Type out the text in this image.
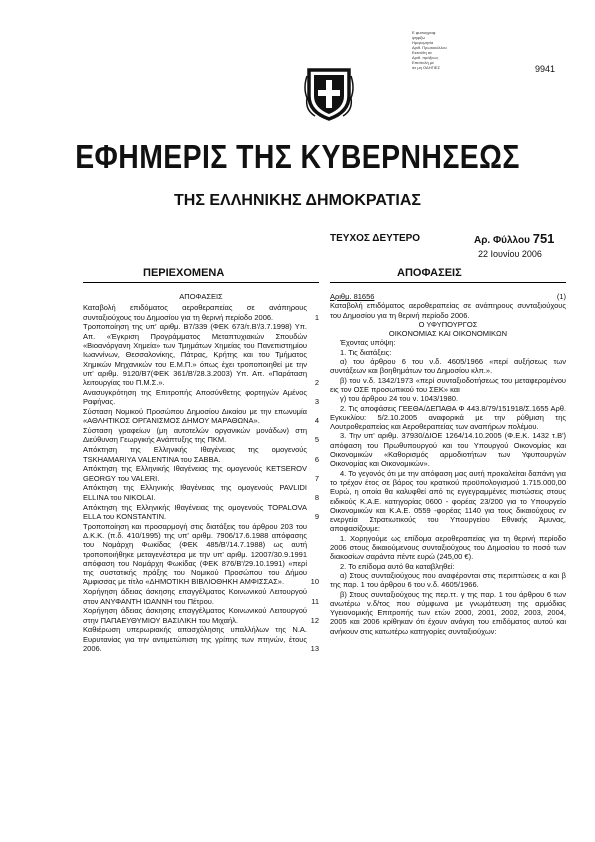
Ε φυσιογραφ
ψηφίζω
Ημερομηνία
Αριθ. Πρωτοκόλλου
Εκτεύθη σε
Αριθ. πράξεως
Επιστολή μέ
σε μη ΟΔΗΓΙΕΣ	9941
ΕΦΗΜΕΡΙΣ ΤΗΣ ΚΥΒΕΡΝΗΣΕΩΣ
ΤΗΣ ΕΛΛΗΝΙΚΗΣ ΔΗΜΟΚΡΑΤΙΑΣ
ΤΕΥΧΟΣ ΔΕΥΤΕΡΟ	Αρ. Φύλλου 751
22 Ιουνίου 2006
ΠΕΡΙΕΧΟΜΕΝΑ	ΑΠΟΦΑΣΕΙΣ
ΑΠΟΦΑΣΕΙΣ
Καταβολή επιδόματος αεροθεραπείας σε ανάπηρους συνταξιούχους του Δημοσίου για τη θερινή περίοδο 2006.	1
Τροποποίηση της υπ' αριθμ. Β7/339 (ΦΕΚ 673/τ.Β'/3.7.1998) Υπ. Απ. «Έγκριση Προγράμματος Μεταπτυχιακών Σπουδών «Βιοανόργανη Χημεία» των Τμημάτων Χημείας του Πανεπιστημίου Ιωαννίνων, Θεσσαλονίκης, Πάτρας, Κρήτης και του Τμήματος Χημικών Μηχανικών του Ε.Μ.Π.» όπως έχει τροποποιηθεί με την υπ' αριθμ. 9120/Β7(ΦΕΚ 361/Β'/28.3.2003) Υπ. Απ. «Παράταση λειτουργίας του Π.Μ.Σ.».	2
Ανασυγκρότηση της Επιτροπής Αποσύνθετης φορτηγών Αμένος Ραφήνας.	3
Σύσταση Νομικού Προσώπου Δημοσίου Δικαίου με την επωνυμία «ΑΘΛΗΤΙΚΟΣ ΟΡΓΑΝΙΣΜΟΣ ΔΗΜΟΥ ΜΑΡΑΘΩΝΑ».	4
Σύσταση γραφείων (μη αυτοτελών οργανικών μονάδων) στη Διεύθυνση Γεωργικής Ανάπτυξης της ΠΚΜ.	5
Απόκτηση της Ελληνικής Ιθαγένειας της ομογενούς TSKHAMARIYA VALENTINA του ΣΑΒΒΑ.	6
Απόκτηση της Ελληνικής Ιθαγένειας της ομογενούς KETSEROV GEORGY του VALERI.	7
Απόκτηση της Ελληνικής Ιθαγένειας της ομογενούς PAVLIDI ELLINA του NIKOLAI.	8
Απόκτηση της Ελληνικής Ιθαγένειας της ομογενούς TOPALOVA ELLA του KONSTANTIN.	9
Τροποποίηση και προσαρμογή στις διατάξεις του άρθρου 203 του Δ.Κ.Κ. (π.δ. 410/1995) της υπ' αριθμ. 7906/17.6.1988 απόφασης του Νομάρχη Φωκίδας (ΦΕΚ 485/Β'/14.7.1988) ως αυτή τροποποιήθηκε μεταγενέστερα με την υπ' αριθμ. 12007/30.9.1991 απόφαση του Νομάρχη Φωκίδας (ΦΕΚ 876/Β'/29.10.1991) «περί της συστατικής πράξης του Νομικού Προσώπου του Δήμου Άμφισσας με τίτλο «ΔΗΜΟΤΙΚΗ ΒΙΒΛΙΟΘΗΚΗ ΑΜΦΙΣΣΑΣ».	10
Χορήγηση άδειας άσκησης επαγγέλματος Κοινωνικού Λειτουργού στον ΑΝΥΦΑΝΤΗ ΙΩΑΝΝΗ του Πέτρου.	11
Χορήγηση άδειας άσκησης επαγγέλματος Κοινωνικού Λειτουργού στην ΠΑΠΑΕΥΘΥΜΙΟΥ ΒΑΣΙΛΙΚΗ του Μιχαήλ.	12
Καθιέρωση υπερωριακής απασχόλησης υπαλλήλων της Ν.Α. Ευρυτανίας για την αντιμετώπιση της γρίπης των πτηνών, έτους 2006.	13
Αριθμ. 81656	(1)

Καταβολή επιδόματος αεροθεραπείας σε ανάπηρους συνταξιούχους του Δημοσίου για τη θερινή περίοδο 2006.

Ο ΥΦΥΠΟΥΡΓΟΣ

ΟΙΚΟΝΟΜΙΑΣ ΚΑΙ ΟΙΚΟΝΟΜΙΚΩΝ

Έχοντας υπόψη:

1. Τις διατάξεις:

α) του άρθρου 6 του ν.δ. 4605/1966 «περί αυξήσεως των συντάξεων και βοηθημάτων του Δημοσίου κλπ.».

β) του ν.δ. 1342/1973 «περί συνταξιοδοτήσεως του μεταφερομένου εις τον ΟΣΕ προσωπικού του ΣΕΚ» και

γ) του άρθρου 24 του ν. 1043/1980.

2. Τις αποφάσεις ΓΕΕΘΑ/ΔΕΠΑΘΑ Φ 443.8/79/151918/Σ.1655 Αρθ. Εγκυκλίου: 5/2.10.2005 αναφορικά με την ρύθμιση της Λουτροθεραπείας και Αεροθεραπείας των αναπήρων πολέμου.

3. Την υπ' αριθμ. 37930/ΔΙΟΕ 1264/14.10.2005 (Φ.Ε.Κ. 1432 τ.Β') απόφαση του Πρωθυπουργού και του Υπουργού Οικονομίας και Οικονομικών «Καθορισμός αρμοδιοτήτων των Υφυπουργών Οικονομίας και Οικονομικών».

4. Το γεγονός ότι με την απόφαση μας αυτή προκαλείται δαπάνη για το τρέχον έτος σε βάρος του κρατικού προϋπολογισμού 1.715.000,00 Ευρώ, η οποία θα καλυφθεί από τις εγγεγραμμένες πιστώσεις στους ειδικούς Κ.Α.Ε. κατηγορίας 0600 - φορέας 23/200 για το Υπουργείο Οικονομικών και Κ.Α.Ε. 0559 -φορέας 1140 για τους δικαιούχους εν ενεργεία Στρατιωτικούς του Υπουργείου Εθνικής Άμυνας, αποφασίζουμε:

1. Χορηγούμε ως επίδομα αεροθεραπείας για τη θερινή περίοδο 2006 στους δικαιούμενους συνταξιούχους του Δημοσίου το ποσό των διακοσίων σαράντα πέντε ευρώ (245,00 €).

2. Το επίδομα αυτό θα καταβληθεί:

α) Στους συνταξιούχους που αναφέρονται στις περιπτώσεις α και β της παρ. 1 του άρθρου 6 του ν.δ. 4605/1966.

β) Στους συνταξιούχους της περ.ττ. γ της παρ. 1 του άρθρου 6 των ανωτέρω ν.δ/τος που σύμφωνα με γνωμάτευση της αρμόδιας Υγειονομικής Επιτροπής των ετών 2000, 2001, 2002, 2003, 2004, 2005 και 2006 κρίθηκαν ότι έχουν ανάγκη του επιδόματος αυτού και ανήκουν στις κατωτέρω κατηγορίες συνταξιούχων:
